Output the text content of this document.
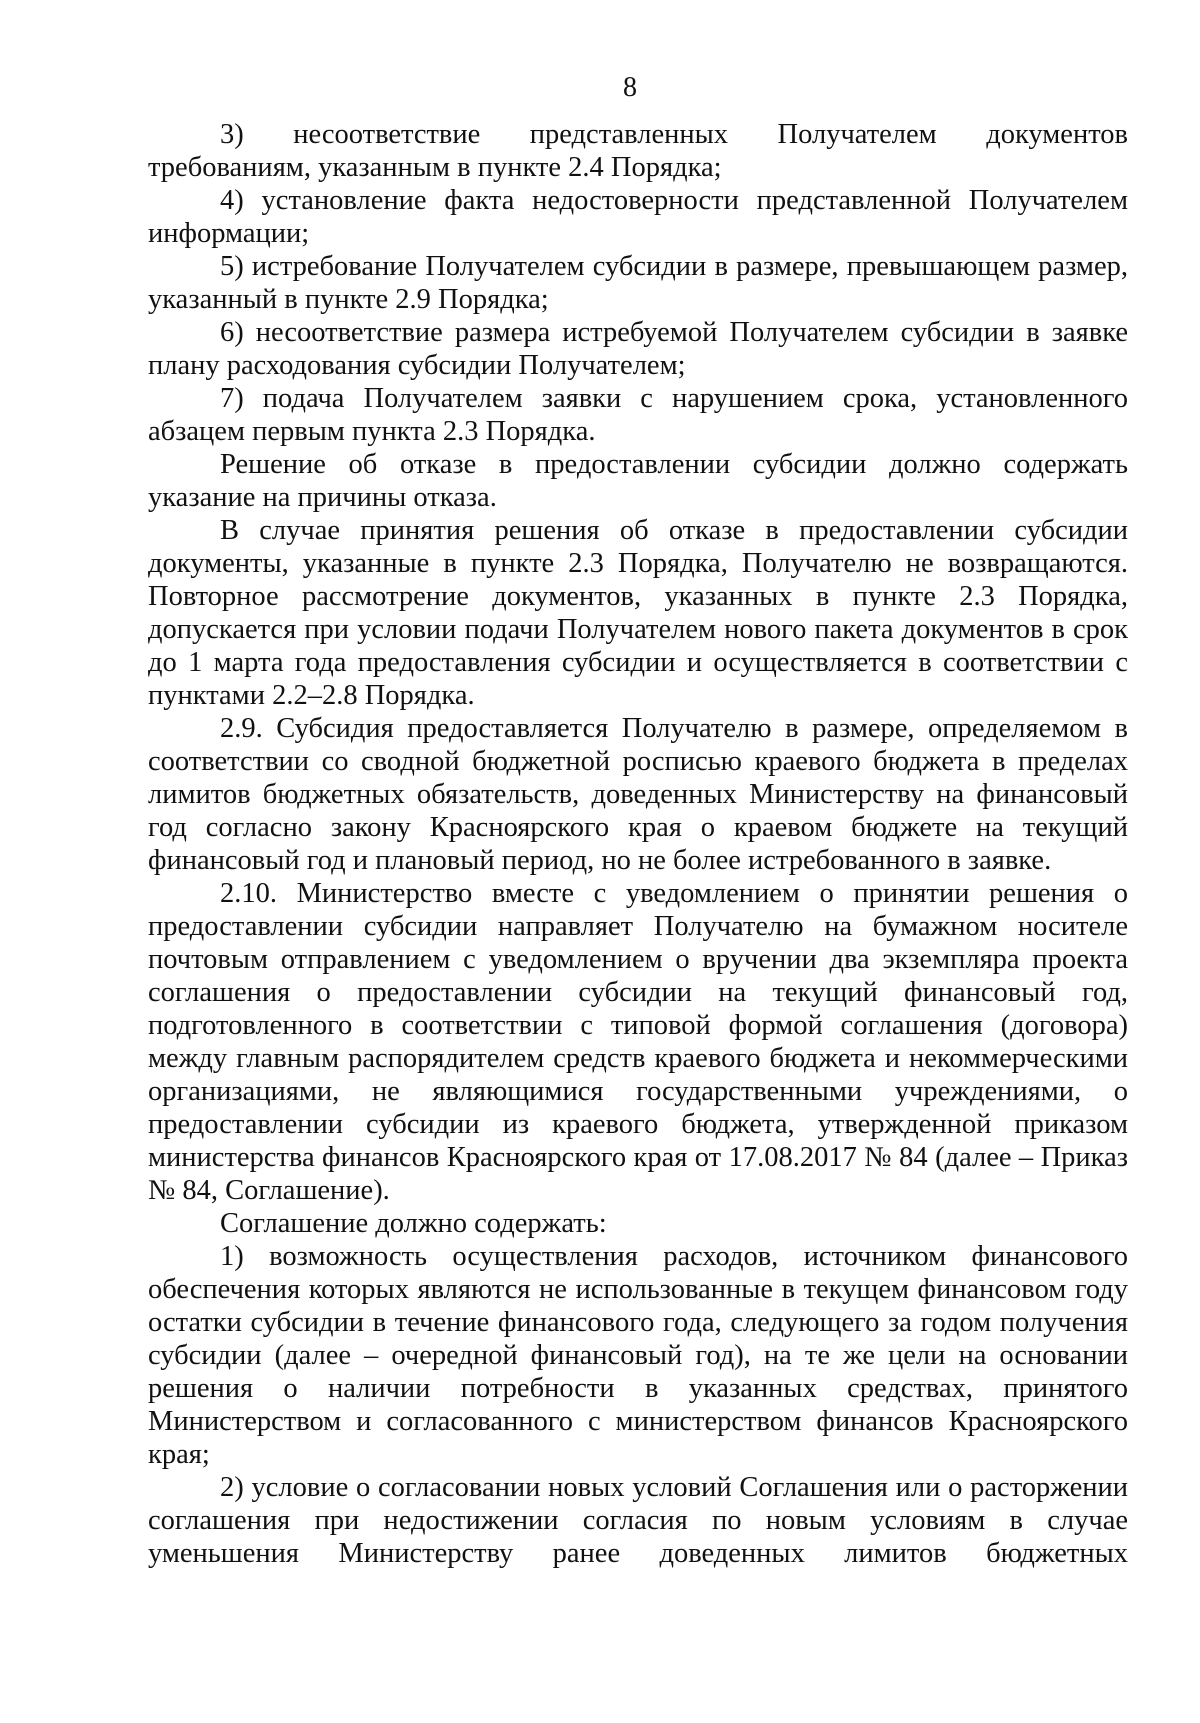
8

3) несоответствие представленных Получателем документов требованиям, указанным в пункте 2.4 Порядка;

4) установление факта недостоверности представленной Получателем информации;

5) истребование Получателем субсидии в размере, превышающем размер, указанный в пункте 2.9 Порядка;

6) несоответствие размера истребуемой Получателем субсидии в заявке плану расходования субсидии Получателем;

7) подача Получателем заявки с нарушением срока, установленного абзацем первым пункта 2.3 Порядка.

Решение об отказе в предоставлении субсидии должно содержать указание на причины отказа.

В случае принятия решения об отказе в предоставлении субсидии документы, указанные в пункте 2.3 Порядка, Получателю не возвращаются. Повторное рассмотрение документов, указанных в пункте 2.3 Порядка, допускается при условии подачи Получателем нового пакета документов в срок до 1 марта года предоставления субсидии и осуществляется в соответствии с пунктами 2.2–2.8 Порядка.

2.9. Субсидия предоставляется Получателю в размере, определяемом в соответствии со сводной бюджетной росписью краевого бюджета в пределах лимитов бюджетных обязательств, доведенных Министерству на финансовый год согласно закону Красноярского края о краевом бюджете на текущий финансовый год и плановый период, но не более истребованного в заявке.

2.10. Министерство вместе с уведомлением о принятии решения о предоставлении субсидии направляет Получателю на бумажном носителе почтовым отправлением с уведомлением о вручении два экземпляра проекта соглашения о предоставлении субсидии на текущий финансовый год, подготовленного в соответствии с типовой формой соглашения (договора) между главным распорядителем средств краевого бюджета и некоммерческими организациями, не являющимися государственными учреждениями, о предоставлении субсидии из краевого бюджета, утвержденной приказом министерства финансов Красноярского края от 17.08.2017 № 84 (далее – Приказ № 84, Соглашение).

Соглашение должно содержать:

1) возможность осуществления расходов, источником финансового обеспечения которых являются не использованные в текущем финансовом году остатки субсидии в течение финансового года, следующего за годом получения субсидии (далее – очередной финансовый год), на те же цели на основании решения о наличии потребности в указанных средствах, принятого Министерством и согласованного с министерством финансов Красноярского края;

2) условие о согласовании новых условий Соглашения или о расторжении соглашения при недостижении согласия по новым условиям в случае уменьшения Министерству ранее доведенных лимитов бюджетных
